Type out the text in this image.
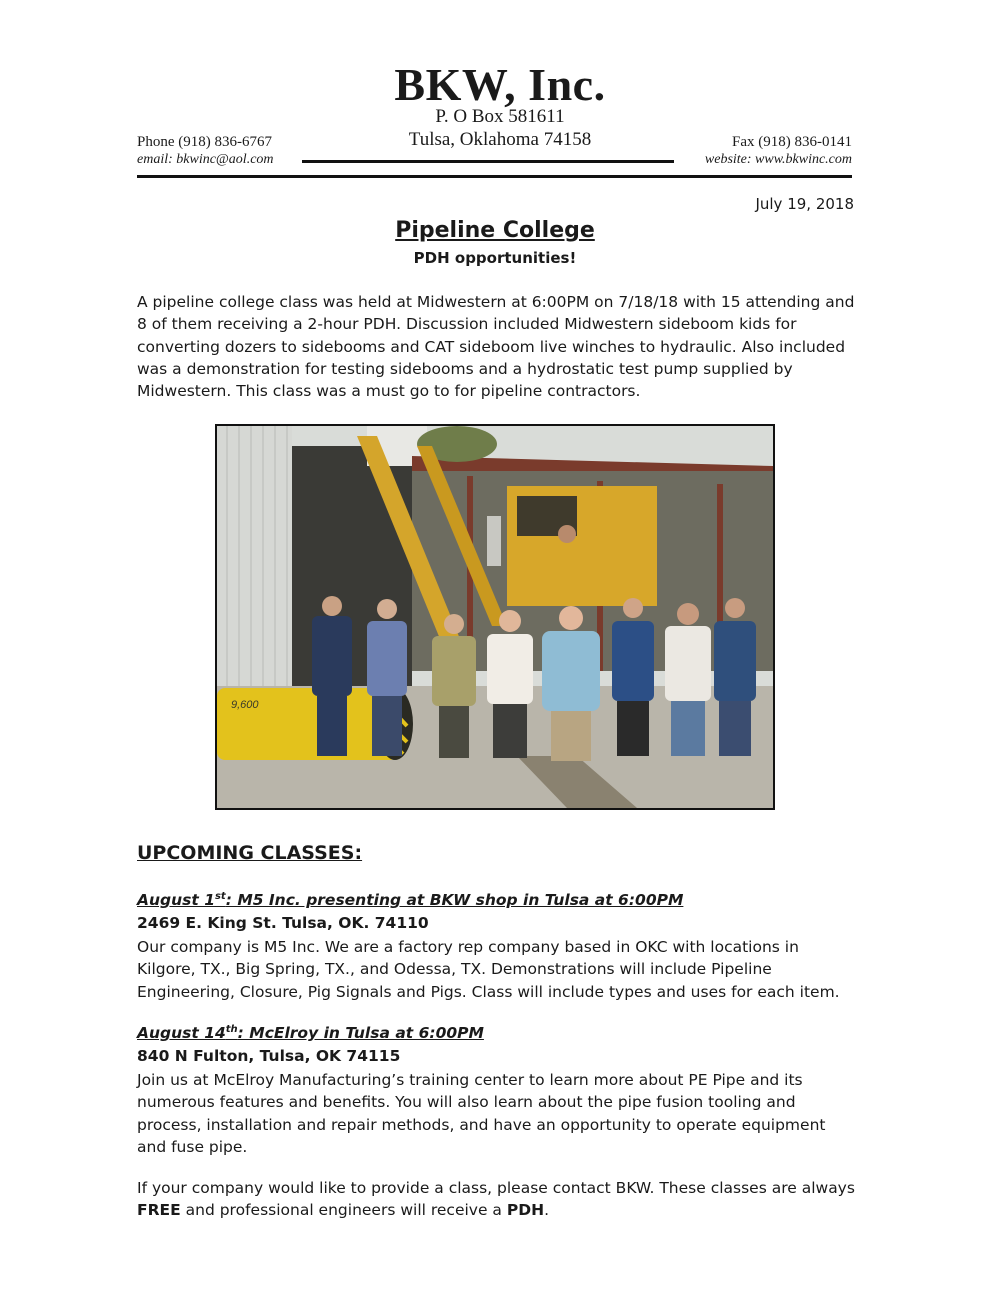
BKW, Inc.
P. O Box 581611
Tulsa, Oklahoma 74158
Phone (918) 836-6767
email: bkwinc@aol.com
Fax (918) 836-0141
website: www.bkwinc.com
July 19, 2018
Pipeline College
PDH opportunities!
A pipeline college class was held at Midwestern at 6:00PM on 7/18/18 with 15 attending and 8 of them receiving a 2-hour PDH. Discussion included Midwestern sideboom kids for converting dozers to sidebooms and CAT sideboom live winches to hydraulic. Also included was a demonstration for testing sidebooms and a hydrostatic test pump supplied by Midwestern. This class was a must go to for pipeline contractors.
9,600
UPCOMING CLASSES:
August 1st: M5 Inc. presenting at BKW shop in Tulsa at 6:00PM
2469 E. King St. Tulsa, OK. 74110
Our company is M5 Inc. We are a factory rep company based in OKC with locations in Kilgore, TX., Big Spring, TX., and Odessa, TX. Demonstrations will include Pipeline Engineering, Closure, Pig Signals and Pigs. Class will include types and uses for each item.
August 14th: McElroy in Tulsa at 6:00PM
840 N Fulton, Tulsa, OK 74115
Join us at McElroy Manufacturing’s training center to learn more about PE Pipe and its numerous features and benefits. You will also learn about the pipe fusion tooling and process, installation and repair methods, and have an opportunity to operate equipment and fuse pipe.
If your company would like to provide a class, please contact BKW. These classes are always FREE and professional engineers will receive a PDH.
